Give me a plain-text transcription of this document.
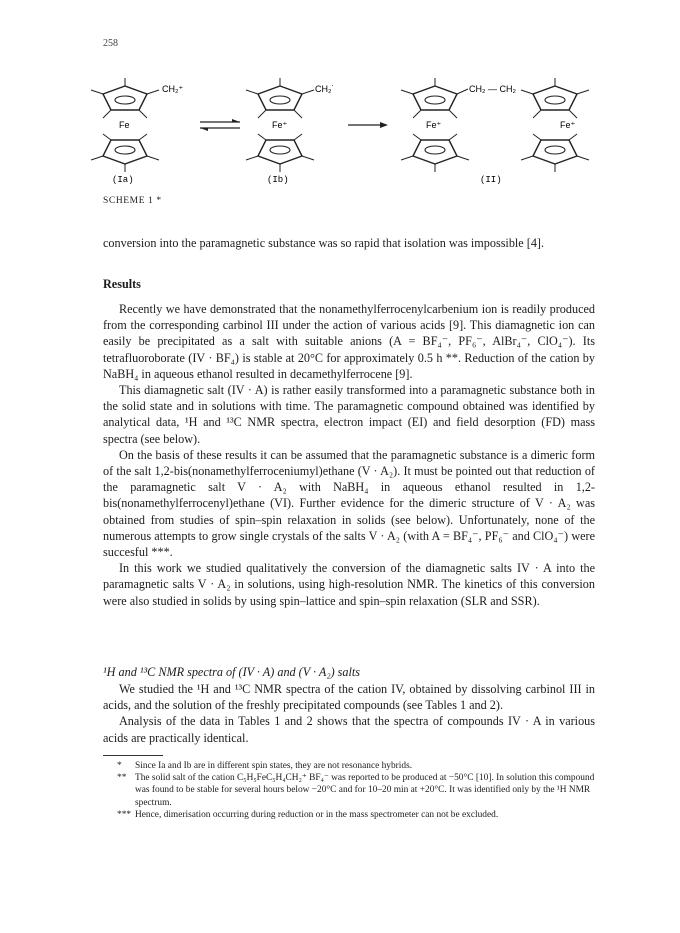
258
CH₂⁺
Fe
CH₂˙
Fe⁺
CH₂ — CH₂
Fe⁺	Fe⁺
(Ia)	(Ib)	(II)
SCHEME 1 *
conversion into the paramagnetic substance was so rapid that isolation was impossible [4].
Results

Recently we have demonstrated that the nonamethylferrocenylcarbenium ion is readily produced from the corresponding carbinol III under the action of various acids [9]. This diamagnetic ion can easily be precipitated as a salt with suitable anions (A = BF₄⁻, PF₆⁻, AlBr₄⁻, ClO₄⁻). Its tetrafluoroborate (IV · BF₄) is stable at 20°C for approximately 0.5 h **. Reduction of the cation by NaBH₄ in aqueous ethanol resulted in decamethylferrocene [9].

This diamagnetic salt (IV · A) is rather easily transformed into a paramagnetic substance both in the solid state and in solutions with time. The paramagnetic compound obtained was identified by analytical data, ¹H and ¹³C NMR spectra, electron impact (EI) and field desorption (FD) mass spectra (see below).

On the basis of these results it can be assumed that the paramagnetic substance is a dimeric form of the salt 1,2-bis(nonamethylferroceniumyl)ethane (V · A₂). It must be pointed out that reduction of the paramagnetic salt V · A₂ with NaBH₄ in aqueous ethanol resulted in 1,2-bis(nonamethylferrocenyl)ethane (VI). Further evidence for the dimeric structure of V · A₂ was obtained from studies of spin–spin relaxation in solids (see below). Unfortunately, none of the numerous attempts to grow single crystals of the salts V · A₂ (with A = BF₄⁻, PF₆⁻ and ClO₄⁻) were succesful ***.

In this work we studied qualitatively the conversion of the diamagnetic salts IV · A into the paramagnetic salts V · A₂ in solutions, using high-resolution NMR. The kinetics of this conversion were also studied in solids by using spin–lattice and spin–spin relaxation (SLR and SSR).

¹H and ¹³C NMR spectra of (IV · A) and (V · A₂) salts

We studied the ¹H and ¹³C NMR spectra of the cation IV, obtained by dissolving carbinol III in acids, and the solution of the freshly precipitated compounds (see Tables 1 and 2).

Analysis of the data in Tables 1 and 2 shows that the spectra of compounds IV · A in various acids are practically identical.

* Since Ia and Ib are in different spin states, they are not resonance hybrids.

** The solid salt of the cation C₅H₅FeC₅H₄CH₂⁺ BF₄⁻ was reported to be produced at −50°C [10]. In solution this compound was found to be stable for several hours below −20°C and for 10–20 min at +20°C. It was identified only by the ¹H NMR spectrum.

*** Hence, dimerisation occurring during reduction or in the mass spectrometer can not be excluded.
